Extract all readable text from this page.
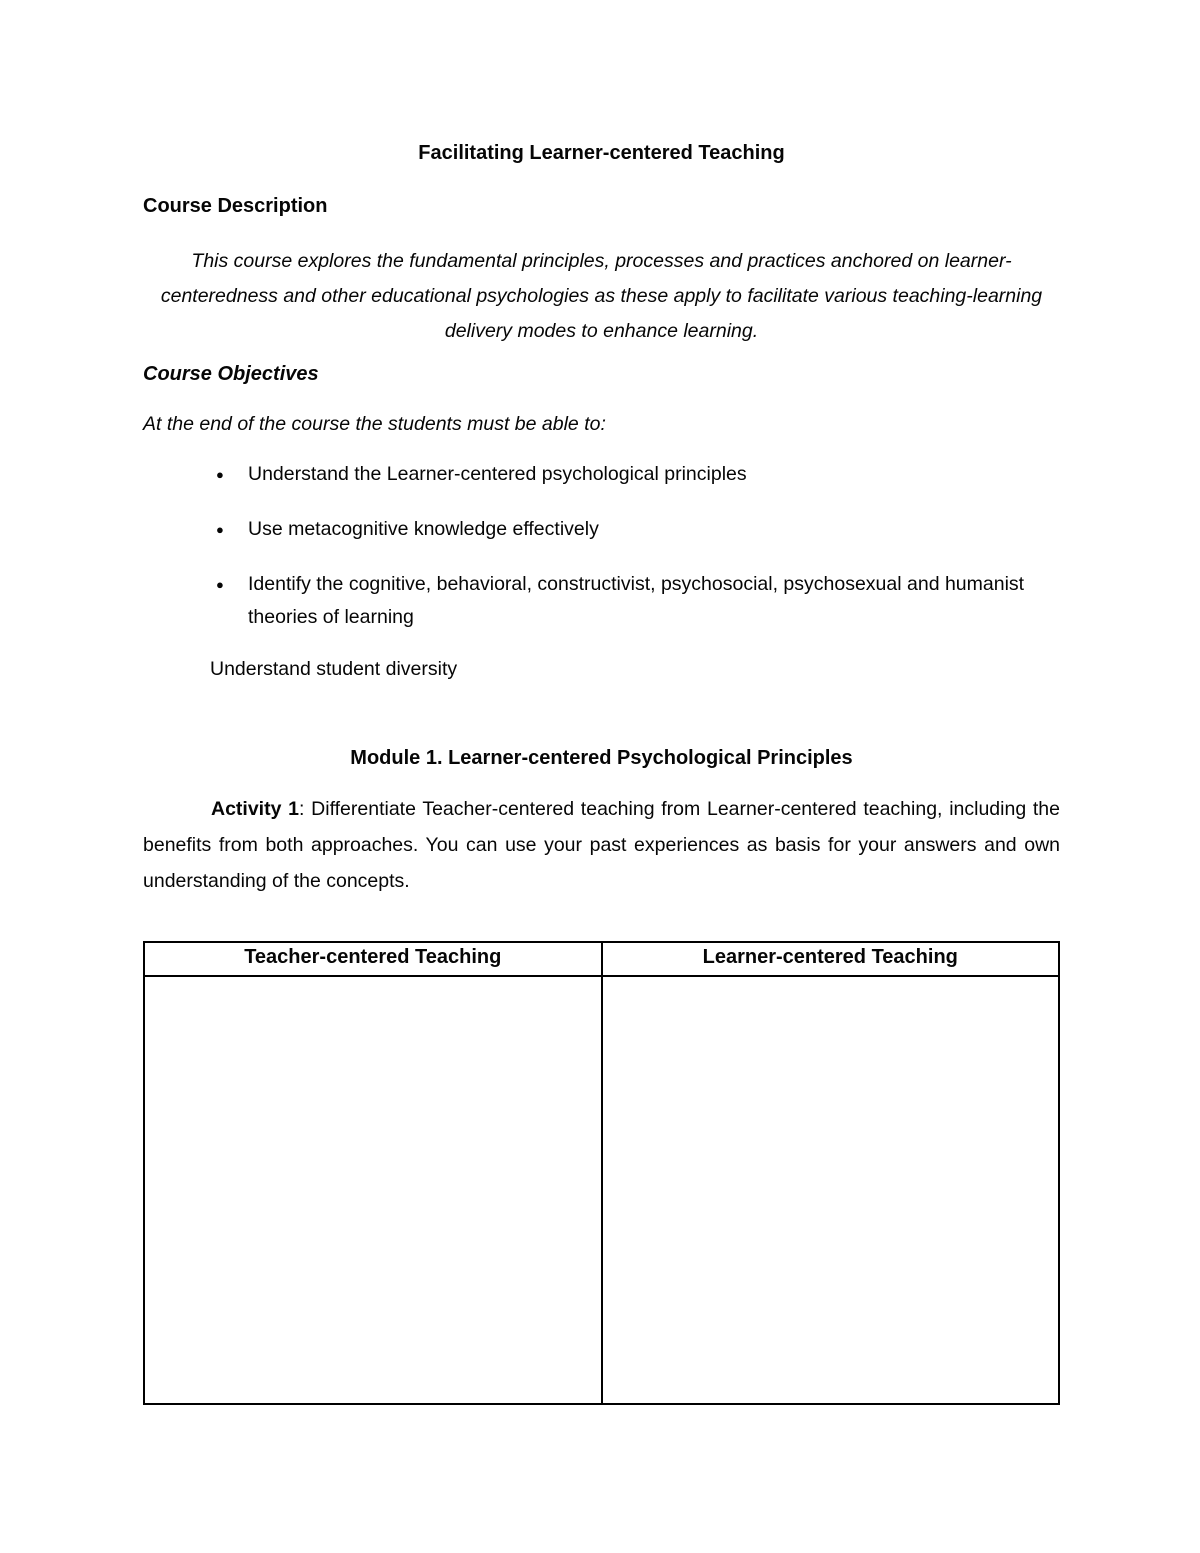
Facilitating Learner-centered Teaching
Course Description

This course explores the fundamental principles, processes and practices anchored on learner-centeredness and other educational psychologies as these apply to facilitate various teaching-learning delivery modes to enhance learning.

Course Objectives

At the end of the course the students must be able to:

● Understand the Learner-centered psychological principles
● Use metacognitive knowledge effectively
● Identify the cognitive, behavioral, constructivist, psychosocial, psychosexual and humanist theories of learning

Understand student diversity

Module 1. Learner-centered Psychological Principles

Activity 1: Differentiate Teacher-centered teaching from Learner-centered teaching, including the benefits from both approaches. You can use your past experiences as basis for your answers and own understanding of the concepts.

Teacher-centered Teaching	Learner-centered Teaching
